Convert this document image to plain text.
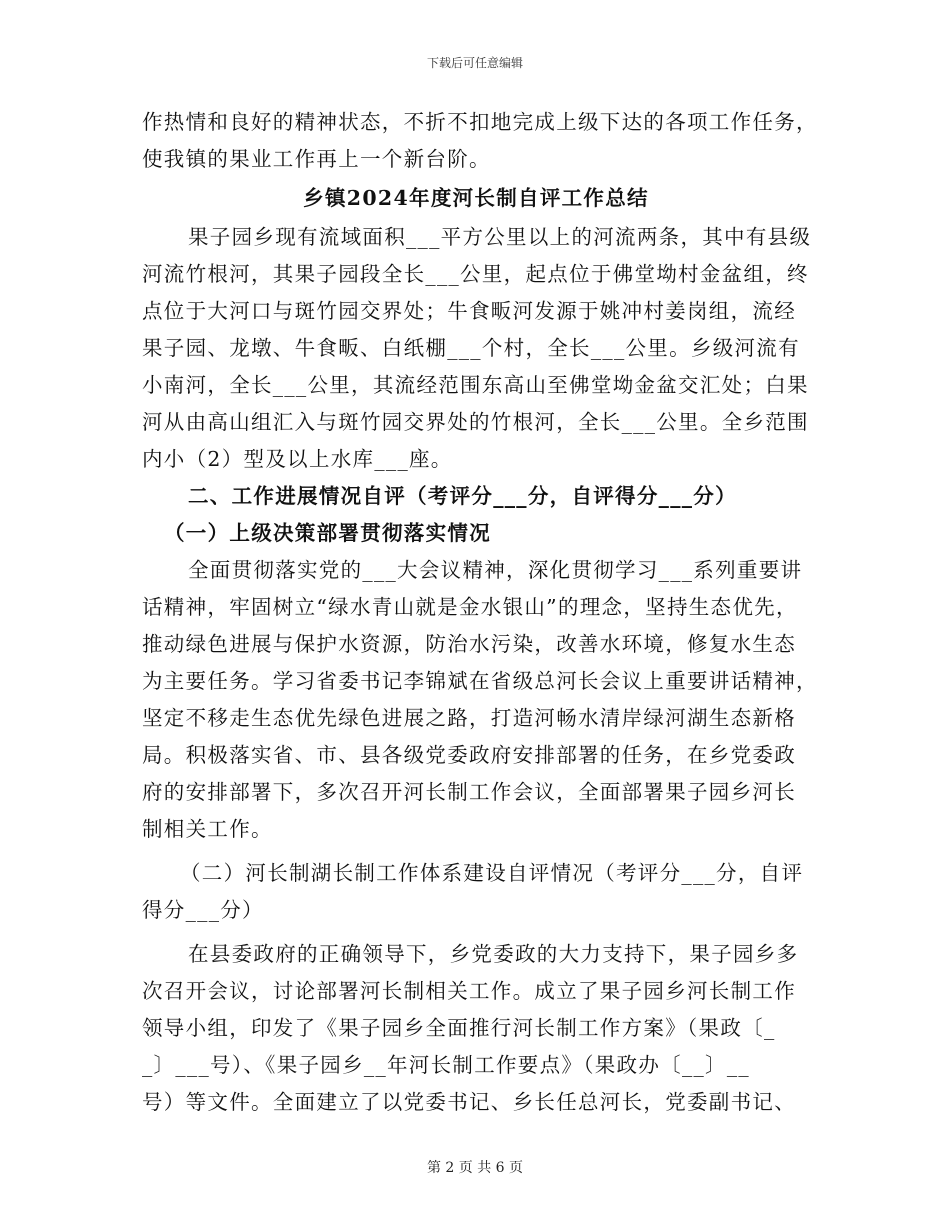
下载后可任意编辑
作热情和良好的精神状态，不折不扣地完成上级下达的各项工作任务，
使我镇的果业工作再上一个新台阶。
乡镇2024年度河长制自评工作总结
果子园乡现有流域面积___平方公里以上的河流两条，其中有县级
河流竹根河，其果子园段全长___公里，起点位于佛堂坳村金盆组，终
点位于大河口与斑竹园交界处；牛食畈河发源于姚冲村姜岗组，流经
果子园、龙墩、牛食畈、白纸棚___个村，全长___公里。乡级河流有
小南河，全长___公里，其流经范围东高山至佛堂坳金盆交汇处；白果
河从由高山组汇入与斑竹园交界处的竹根河，全长___公里。全乡范围
内小（2）型及以上水库___座。
二、工作进展情况自评（考评分___分，自评得分___分）
（一）上级决策部署贯彻落实情况
全面贯彻落实党的___大会议精神，深化贯彻学习___系列重要讲
话精神，牢固树立“绿水青山就是金水银山”的理念，坚持生态优先，
推动绿色进展与保护水资源，防治水污染，改善水环境，修复水生态
为主要任务。学习省委书记李锦斌在省级总河长会议上重要讲话精神，
坚定不移走生态优先绿色进展之路，打造河畅水清岸绿河湖生态新格
局。积极落实省、市、县各级党委政府安排部署的任务，在乡党委政
府的安排部署下，多次召开河长制工作会议，全面部署果子园乡河长
制相关工作。
（二）河长制湖长制工作体系建设自评情况（考评分___分，自评
得分___分）
在县委政府的正确领导下，乡党委政的大力支持下，果子园乡多
次召开会议，讨论部署河长制相关工作。成立了果子园乡河长制工作
领导小组，印发了《果子园乡全面推行河长制工作方案》（果政〔_
_〕___号）、《果子园乡__年河长制工作要点》（果政办〔__〕__
号）等文件。全面建立了以党委书记、乡长任总河长，党委副书记、
第 2 页 共 6 页
